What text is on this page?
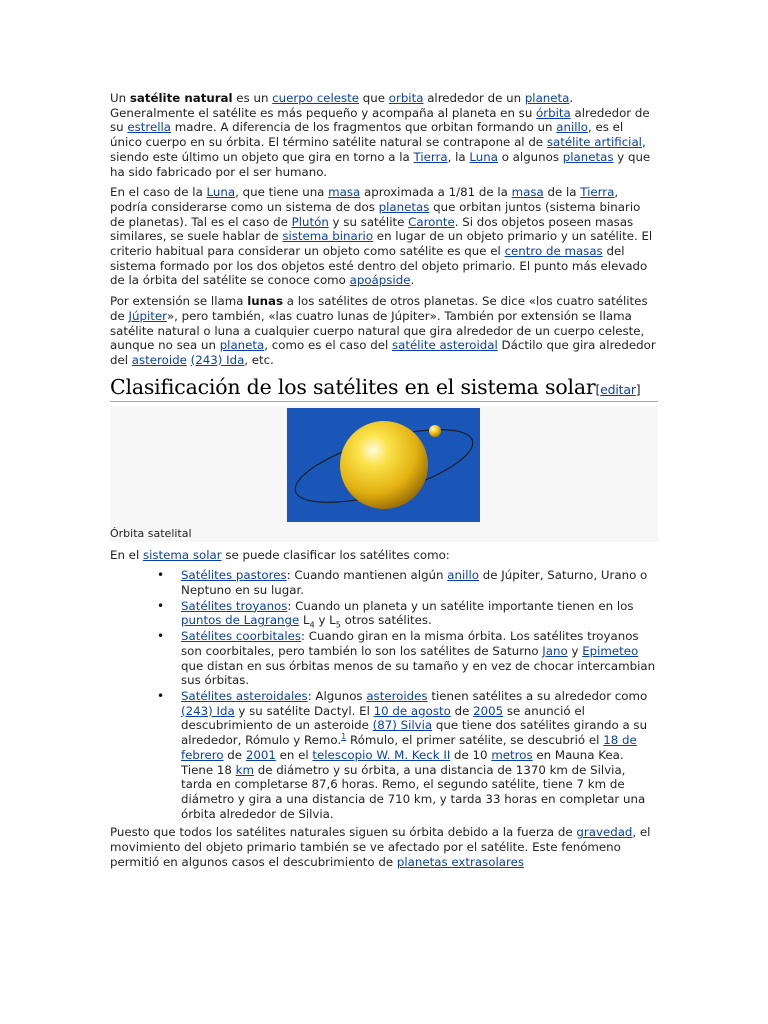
Un satélite natural es un cuerpo celeste que orbita alrededor de un planeta. Generalmente el satélite es más pequeño y acompaña al planeta en su órbita alrededor de su estrella madre. A diferencia de los fragmentos que orbitan formando un anillo, es el único cuerpo en su órbita. El término satélite natural se contrapone al de satélite artificial, siendo este último un objeto que gira en torno a la Tierra, la Luna o algunos planetas y que ha sido fabricado por el ser humano.

En el caso de la Luna, que tiene una masa aproximada a 1/81 de la masa de la Tierra, podría considerarse como un sistema de dos planetas que orbitan juntos (sistema binario de planetas). Tal es el caso de Plutón y su satélite Caronte. Si dos objetos poseen masas similares, se suele hablar de sistema binario en lugar de un objeto primario y un satélite. El criterio habitual para considerar un objeto como satélite es que el centro de masas del sistema formado por los dos objetos esté dentro del objeto primario. El punto más elevado de la órbita del satélite se conoce como apoápside.

Por extensión se llama lunas a los satélites de otros planetas. Se dice «los cuatro satélites de Júpiter», pero también, «las cuatro lunas de Júpiter». También por extensión se llama satélite natural o luna a cualquier cuerpo natural que gira alrededor de un cuerpo celeste, aunque no sea un planeta, como es el caso del satélite asteroidal Dáctilo que gira alrededor del asteroide (243) Ida, etc.

Clasificación de los satélites en el sistema solar[editar]
Órbita satelital

En el sistema solar se puede clasificar los satélites como:

• Satélites pastores: Cuando mantienen algún anillo de Júpiter, Saturno, Urano o Neptuno en su lugar.
• Satélites troyanos: Cuando un planeta y un satélite importante tienen en los puntos de Lagrange $L_4$ y $L_5$ otros satélites.
• Satélites coorbitales: Cuando giran en la misma órbita. Los satélites troyanos son coorbitales, pero también lo son los satélites de Saturno Jano y Epimeteo que distan en sus órbitas menos de su tamaño y en vez de chocar intercambian sus órbitas.
• Satélites asteroidales: Algunos asteroides tienen satélites a su alrededor como (243) Ida y su satélite Dactyl. El 10 de agosto de 2005 se anunció el descubrimiento de un asteroide (87) Silvia que tiene dos satélites girando a su alrededor, Rómulo y Remo.$^1$ Rómulo, el primer satélite, se descubrió el 18 de febrero de 2001 en el telescopio W. M. Keck II de 10 metros en Mauna Kea. Tiene 18 km de diámetro y su órbita, a una distancia de 1370 km de Silvia, tarda en completarse 87,6 horas. Remo, el segundo satélite, tiene 7 km de diámetro y gira a una distancia de 710 km, y tarda 33 horas en completar una órbita alrededor de Silvia.

Puesto que todos los satélites naturales siguen su órbita debido a la fuerza de gravedad, el movimiento del objeto primario también se ve afectado por el satélite. Este fenómeno permitió en algunos casos el descubrimiento de planetas extrasolares
